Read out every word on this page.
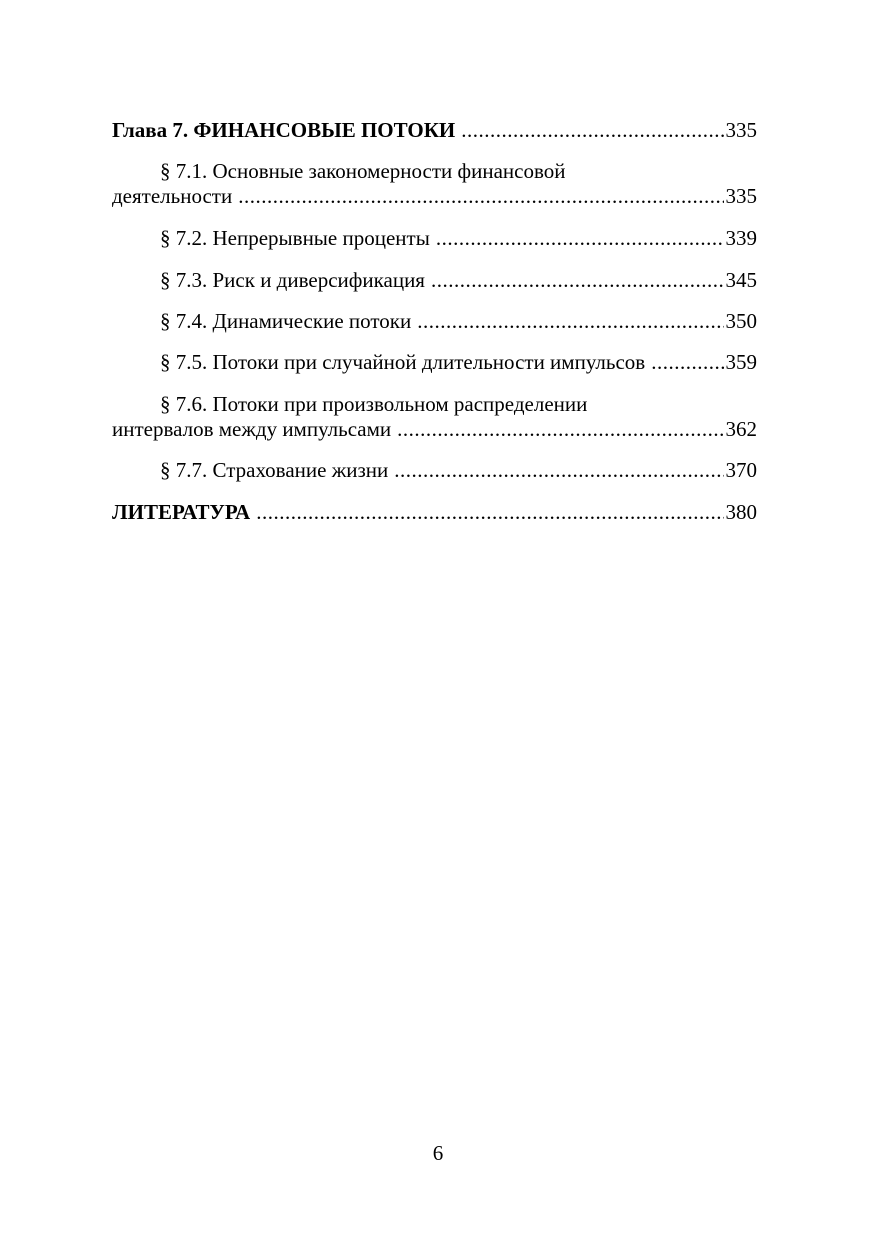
Глава 7. ФИНАНСОВЫЕ ПОТОКИ .....	335
§ 7.1. Основные закономерности финансовой
деятельности .....	335
§ 7.2. Непрерывные проценты .....	339
§ 7.3. Риск и диверсификация .....	345
§ 7.4. Динамические потоки .....	350
§ 7.5. Потоки при случайной длительности импульсов .....	359
§ 7.6. Потоки при произвольном распределении
интервалов между импульсами .....	362
§ 7.7. Страхование жизни .....	370
ЛИТЕРАТУРА .....	380
6
